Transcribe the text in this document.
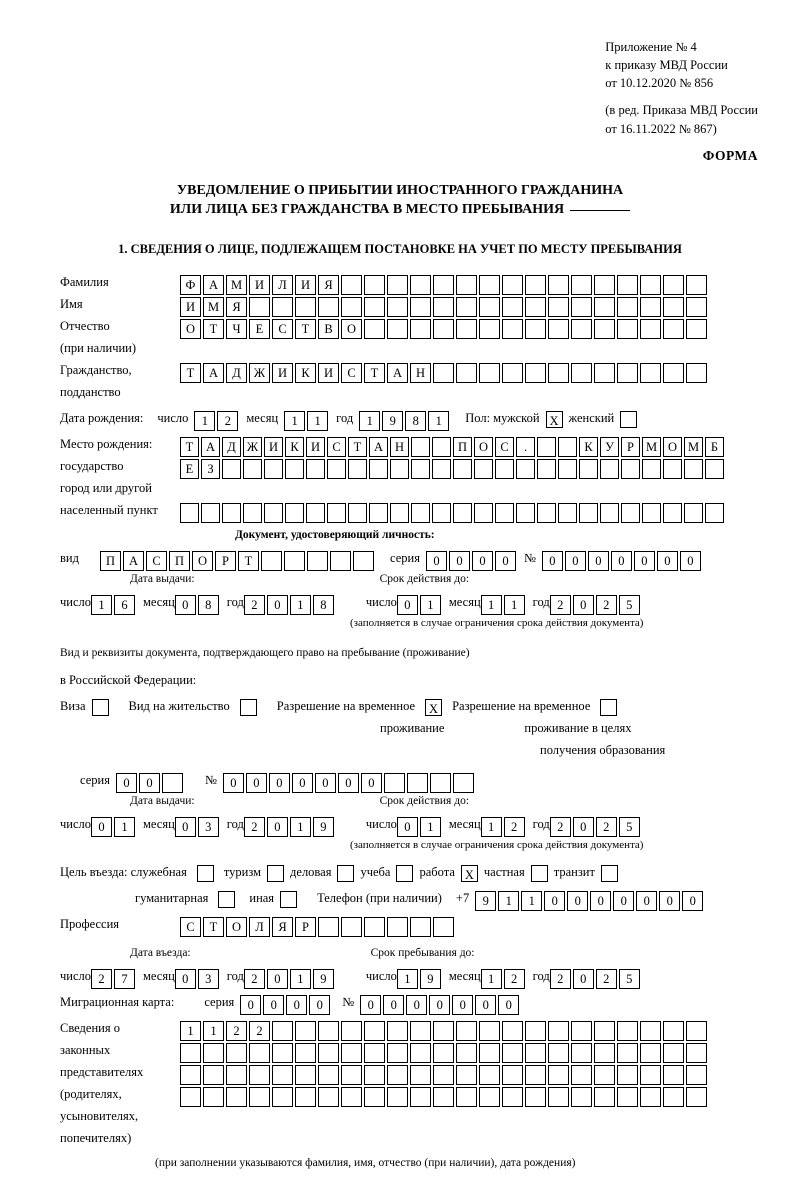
Приложение № 4
к приказу МВД России
от 10.12.2020 № 856
(в ред. Приказа МВД России
от 16.11.2022 № 867)
ФОРМА
УВЕДОМЛЕНИЕ О ПРИБЫТИИ ИНОСТРАННОГО ГРАЖДАНИНА
ИЛИ ЛИЦА БЕЗ ГРАЖДАНСТВА В МЕСТО ПРЕБЫВАНИЯ
1. СВЕДЕНИЯ О ЛИЦЕ, ПОДЛЕЖАЩЕМ ПОСТАНОВКЕ НА УЧЕТ ПО МЕСТУ ПРЕБЫВАНИЯ
Фамилия	Ф	А	М	И	Л	И	Я
Имя	И	М	Я
Отчество	О	Т	Ч	Е	С	Т	В	О
(при наличии)
Гражданство,	Т	А	Д	Ж	И	К	И	С	Т	А	Н
подданство
Дата рождения: число	1	2	месяц	1	1	год	1	9	8	1	Пол: мужской Х женский
Место рождения:	Т	А Д Ж И К И С	Т	А Н	П О С	.	К У	Р М О М Б
государство	Е	З
город или другой
населенный пункт
Документ, удостоверяющий личность:
вид	П	А	С	П	О	Р	Т	серия	0	0	0	0	№	0	0	0	0	0	0	0
Дата выдачи:	Срок действия до:
число 1	6	месяц 0	8	год 2	0	1	8	число 0	1	месяц 1	1	год 2	0	2	5
(заполняется в случае ограничения срока действия документа)
Вид и реквизиты документа, подтверждающего право на пребывание (проживание)
в Российской Федерации:
Виза	Вид на жительство	Разрешение на временное	Х	Разрешение на временное
проживание	проживание в целях
получения образования
серия	0	0	№	0	0	0	0	0	0	0
Дата выдачи:	Срок действия до:
число 0	1	месяц 0	3	год 2	0	1	9	число 0	1	месяц 1	2	год 2	0	2	5
(заполняется в случае ограничения срока действия документа)
Цель въезда: служебная	туризм деловая учеба работа Х частная транзит
гуманитарная	иная	Телефон (при наличии) +7	9	1	1	0	0	0	0	0	0	0
Профессия	С	Т	О	Л	Я	Р
Дата въезда:	Срок пребывания до:
число 2	7	месяц 0	3	год 2	0	1	9	число 1	9	месяц 1	2	год 2	0	2	5
Миграционная карта: серия	0	0	0	0	№	0	0	0	0	0	0	0
Сведения о	1	1	2	2
законных
представителях
(родителях,
усыновителях,
попечителях)
(при заполнении указываются фамилия, имя, отчество (при наличии), дата рождения)
